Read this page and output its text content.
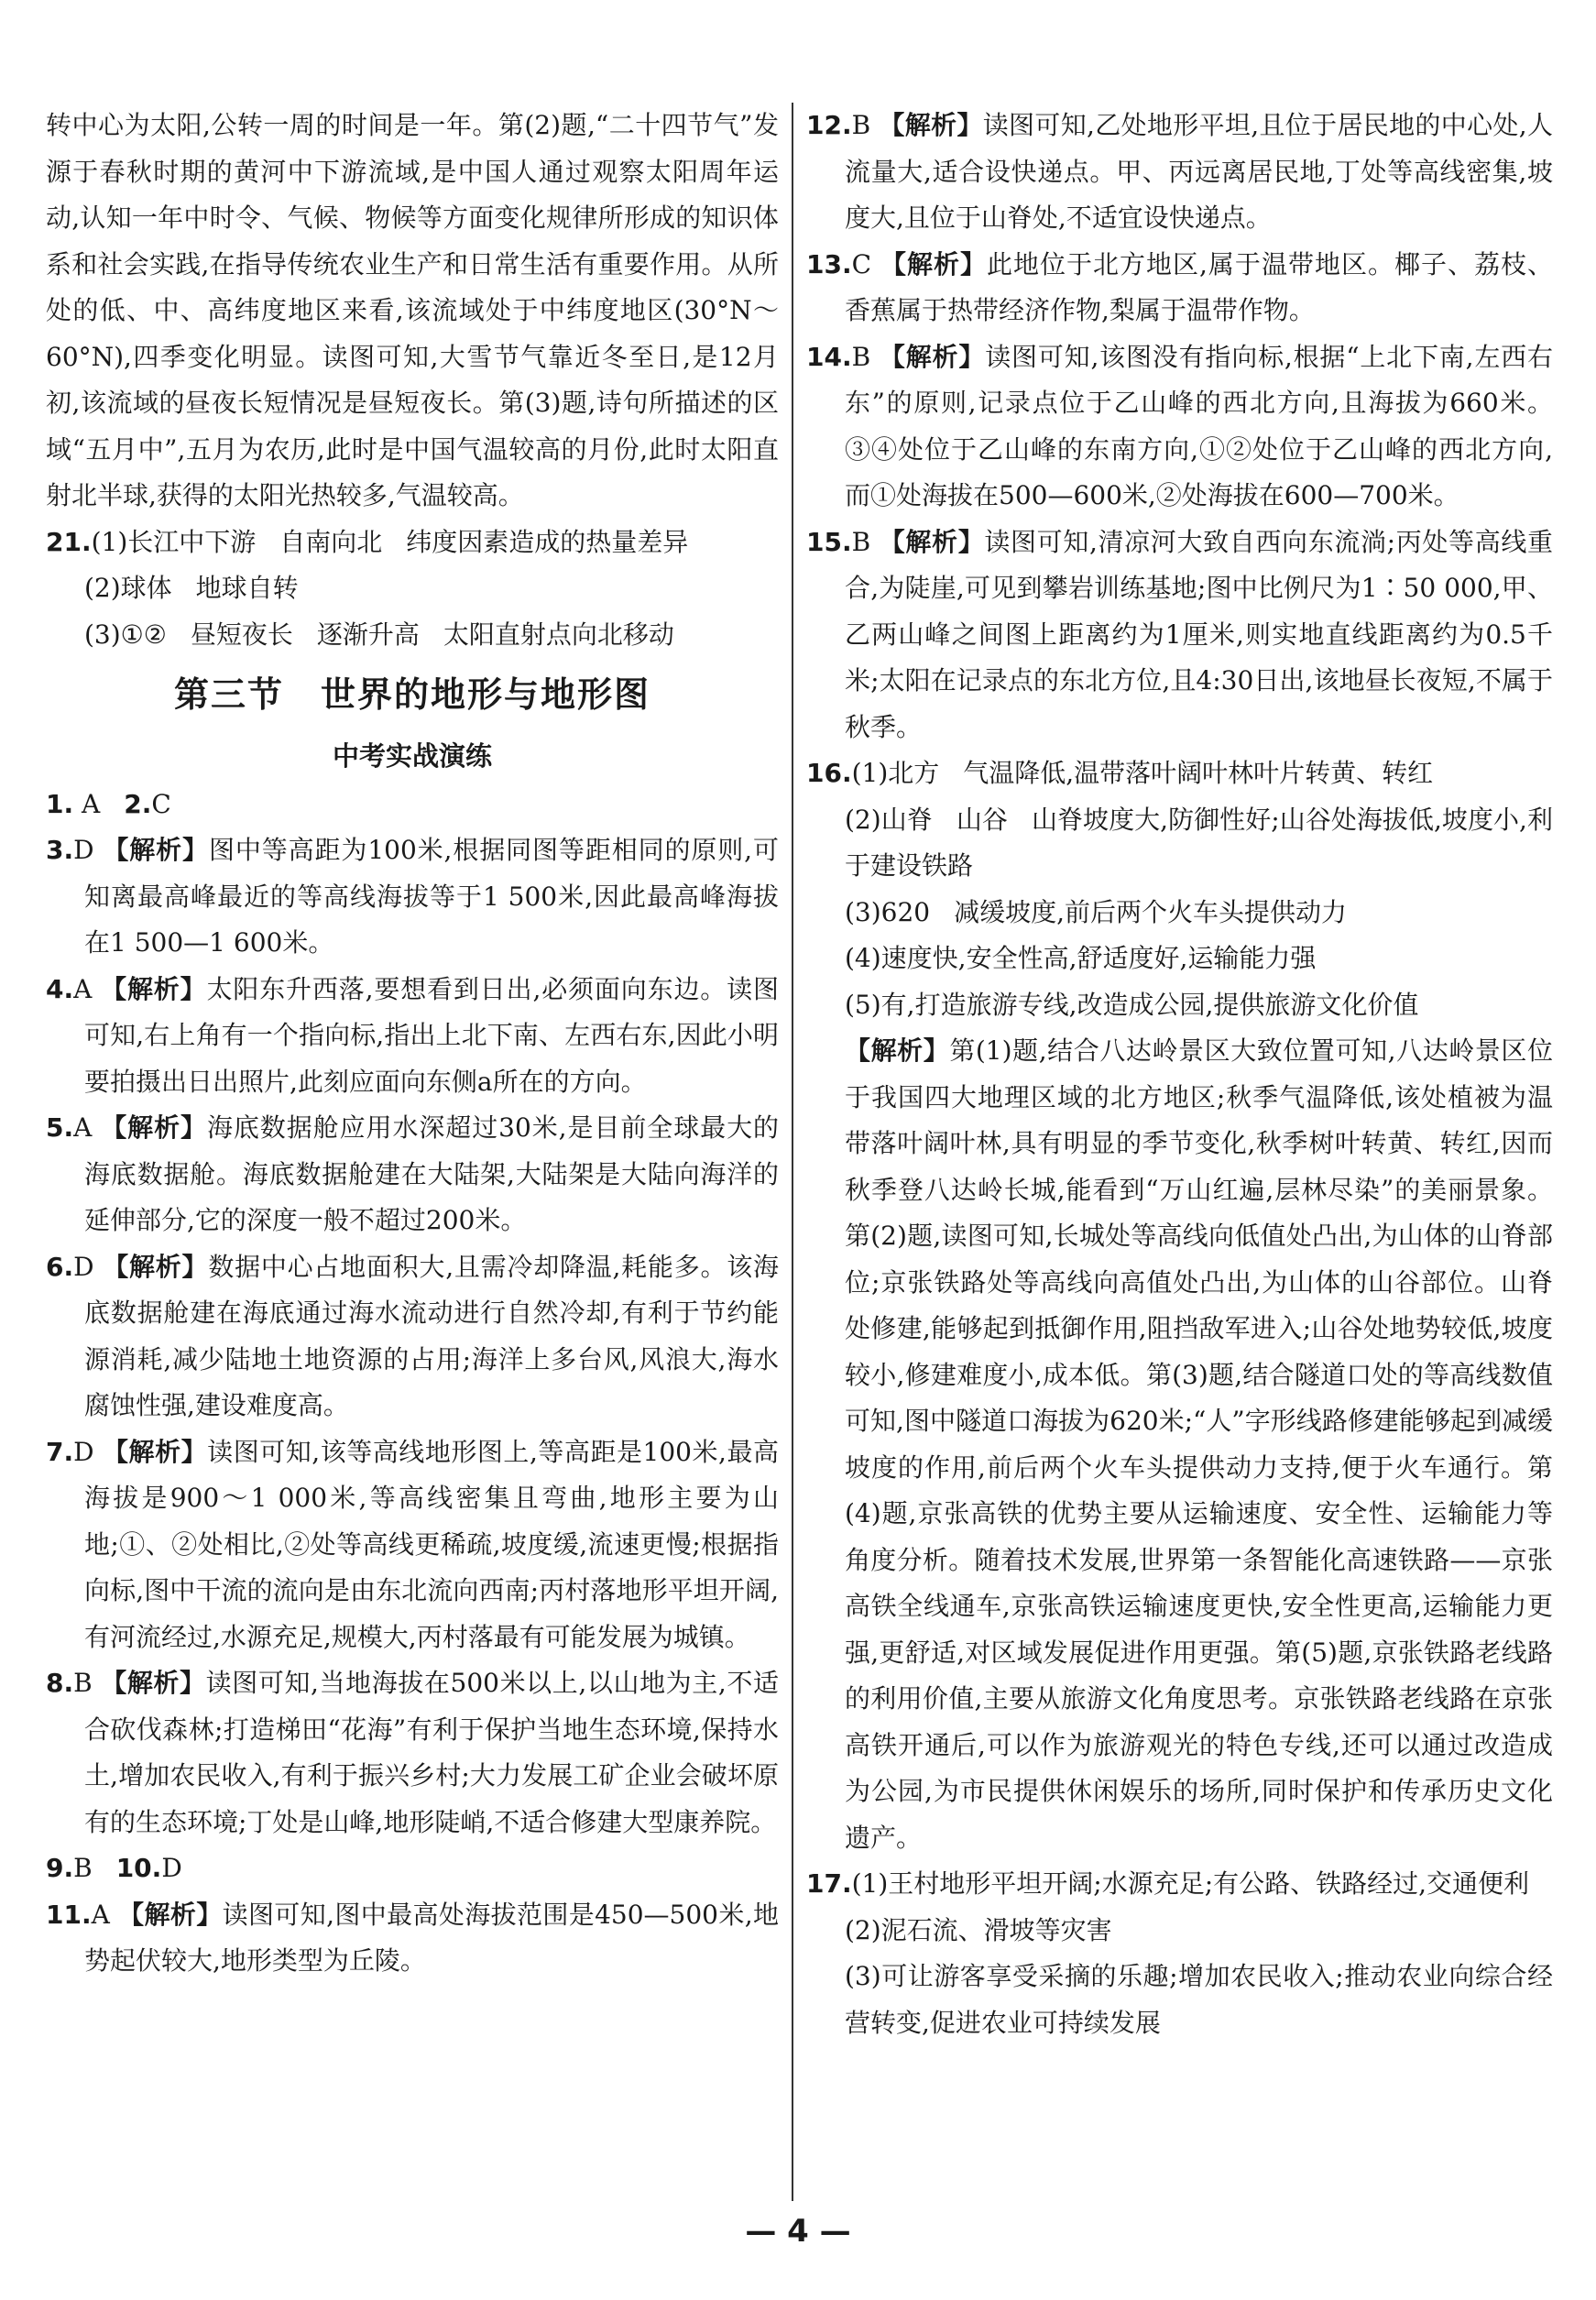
转中心为太阳,公转一周的时间是一年。第(2)题,“二十四节气”发源于春秋时期的黄河中下游流域,是中国人通过观察太阳周年运动,认知一年中时令、气候、物候等方面变化规律所形成的知识体系和社会实践,在指导传统农业生产和日常生活有重要作用。从所处的低、中、高纬度地区来看,该流域处于中纬度地区(30°N～60°N),四季变化明显。读图可知,大雪节气靠近冬至日,是12月初,该流域的昼夜长短情况是昼短夜长。第(3)题,诗句所描述的区域“五月中”,五月为农历,此时是中国气温较高的月份,此时太阳直射北半球,获得的太阳光热较多,气温较高。

21.(1)长江中下游 自南向北 纬度因素造成的热量差异

(2)球体 地球自转

(3)①② 昼短夜长 逐渐升高 太阳直射点向北移动

第三节　世界的地形与地形图
中考实战演练

1. A 2.C

3.D 【解析】图中等高距为100米,根据同图等距相同的原则,可知离最高峰最近的等高线海拔等于1 500米,因此最高峰海拔在1 500—1 600米。

4.A 【解析】太阳东升西落,要想看到日出,必须面向东边。读图可知,右上角有一个指向标,指出上北下南、左西右东,因此小明要拍摄出日出照片,此刻应面向东侧a所在的方向。

5.A 【解析】海底数据舱应用水深超过30米,是目前全球最大的海底数据舱。海底数据舱建在大陆架,大陆架是大陆向海洋的延伸部分,它的深度一般不超过200米。

6.D 【解析】数据中心占地面积大,且需冷却降温,耗能多。该海底数据舱建在海底通过海水流动进行自然冷却,有利于节约能源消耗,减少陆地土地资源的占用;海洋上多台风,风浪大,海水腐蚀性强,建设难度高。

7.D 【解析】读图可知,该等高线地形图上,等高距是100米,最高海拔是900～1 000米,等高线密集且弯曲,地形主要为山地;①、②处相比,②处等高线更稀疏,坡度缓,流速更慢;根据指向标,图中干流的流向是由东北流向西南;丙村落地形平坦开阔,有河流经过,水源充足,规模大,丙村落最有可能发展为城镇。

8.B 【解析】读图可知,当地海拔在500米以上,以山地为主,不适合砍伐森林;打造梯田“花海”有利于保护当地生态环境,保持水土,增加农民收入,有利于振兴乡村;大力发展工矿企业会破坏原有的生态环境;丁处是山峰,地形陡峭,不适合修建大型康养院。

9.B 10.D

11.A 【解析】读图可知,图中最高处海拔范围是450—500米,地势起伏较大,地形类型为丘陵。

12.B 【解析】读图可知,乙处地形平坦,且位于居民地的中心处,人流量大,适合设快递点。甲、丙远离居民地,丁处等高线密集,坡度大,且位于山脊处,不适宜设快递点。

13.C 【解析】此地位于北方地区,属于温带地区。椰子、荔枝、香蕉属于热带经济作物,梨属于温带作物。

14.B 【解析】读图可知,该图没有指向标,根据“上北下南,左西右东”的原则,记录点位于乙山峰的西北方向,且海拔为660米。③④处位于乙山峰的东南方向,①②处位于乙山峰的西北方向,而①处海拔在500—600米,②处海拔在600—700米。

15.B 【解析】读图可知,清凉河大致自西向东流淌;丙处等高线重合,为陡崖,可见到攀岩训练基地;图中比例尺为1∶50 000,甲、乙两山峰之间图上距离约为1厘米,则实地直线距离约为0.5千米;太阳在记录点的东北方位,且4:30日出,该地昼长夜短,不属于秋季。

16.(1)北方 气温降低,温带落叶阔叶林叶片转黄、转红

(2)山脊 山谷 山脊坡度大,防御性好;山谷处海拔低,坡度小,利于建设铁路

(3)620 减缓坡度,前后两个火车头提供动力

(4)速度快,安全性高,舒适度好,运输能力强

(5)有,打造旅游专线,改造成公园,提供旅游文化价值

【解析】第(1)题,结合八达岭景区大致位置可知,八达岭景区位于我国四大地理区域的北方地区;秋季气温降低,该处植被为温带落叶阔叶林,具有明显的季节变化,秋季树叶转黄、转红,因而秋季登八达岭长城,能看到“万山红遍,层林尽染”的美丽景象。第(2)题,读图可知,长城处等高线向低值处凸出,为山体的山脊部位;京张铁路处等高线向高值处凸出,为山体的山谷部位。山脊处修建,能够起到抵御作用,阻挡敌军进入;山谷处地势较低,坡度较小,修建难度小,成本低。第(3)题,结合隧道口处的等高线数值可知,图中隧道口海拔为620米;“人”字形线路修建能够起到减缓坡度的作用,前后两个火车头提供动力支持,便于火车通行。第(4)题,京张高铁的优势主要从运输速度、安全性、运输能力等角度分析。随着技术发展,世界第一条智能化高速铁路——京张高铁全线通车,京张高铁运输速度更快,安全性更高,运输能力更强,更舒适,对区域发展促进作用更强。第(5)题,京张铁路老线路的利用价值,主要从旅游文化角度思考。京张铁路老线路在京张高铁开通后,可以作为旅游观光的特色专线,还可以通过改造成为公园,为市民提供休闲娱乐的场所,同时保护和传承历史文化遗产。

17.(1)王村地形平坦开阔;水源充足;有公路、铁路经过,交通便利

(2)泥石流、滑坡等灾害

(3)可让游客享受采摘的乐趣;增加农民收入;推动农业向综合经营转变,促进农业可持续发展

— 4 —
